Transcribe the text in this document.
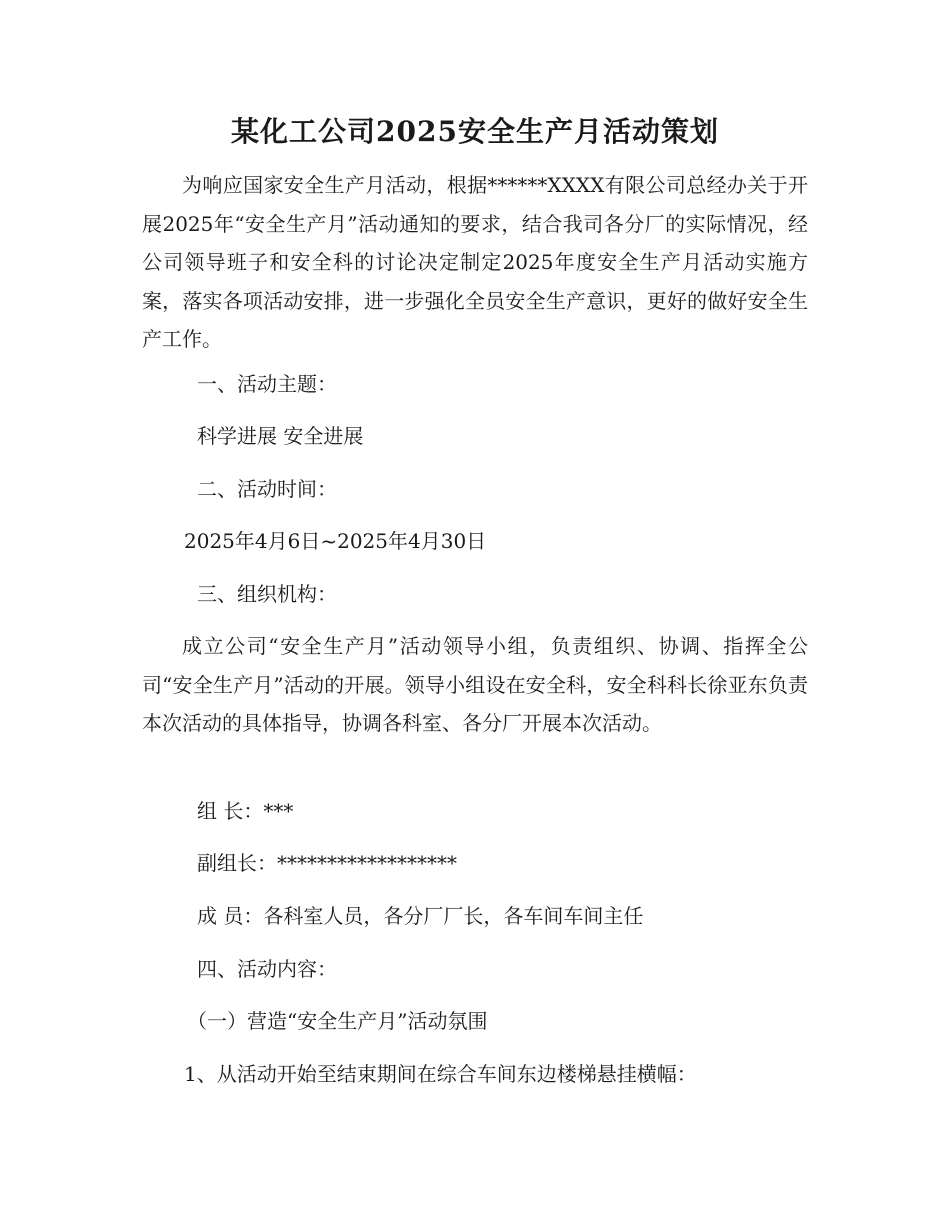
某化工公司2025安全生产月活动策划

为响应国家安全生产月活动，根据******XXXX有限公司总经办关于开展2025年“安全生产月”活动通知的要求，结合我司各分厂的实际情况，经公司领导班子和安全科的讨论决定制定2025年度安全生产月活动实施方案，落实各项活动安排，进一步强化全员安全生产意识，更好的做好安全生产工作。

一、活动主题：

科学进展 安全进展

二、活动时间：

2025年4月6日~2025年4月30日

三、组织机构：

成立公司“安全生产月”活动领导小组，负责组织、协调、指挥全公司“安全生产月”活动的开展。领导小组设在安全科，安全科科长徐亚东负责本次活动的具体指导，协调各科室、各分厂开展本次活动。

组 长：***

副组长：******************

成 员：各科室人员，各分厂厂长，各车间车间主任

四、活动内容：

（一）营造“安全生产月”活动氛围

1、从活动开始至结束期间在综合车间东边楼梯悬挂横幅：
